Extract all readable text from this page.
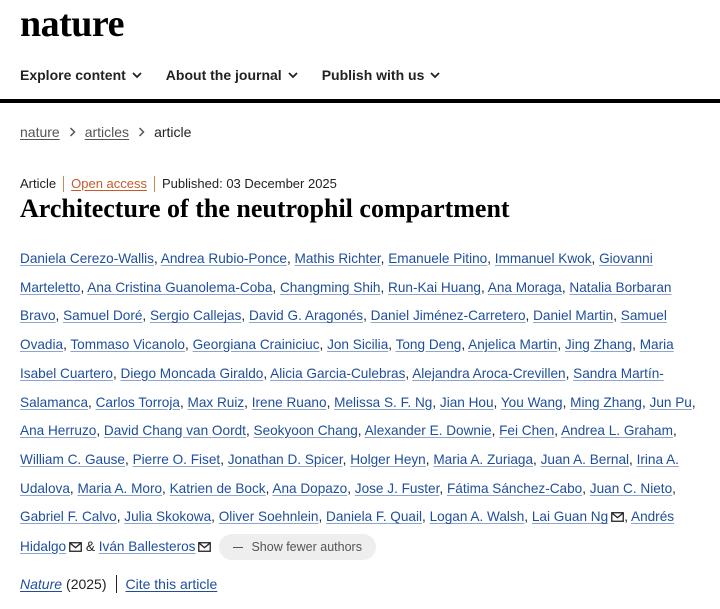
nature
Explore content	About the journal	Publish with us
nature articles article
Article Open access Published: 03 December 2025
Architecture of the neutrophil compartment
Daniela Cerezo-Wallis, Andrea Rubio-Ponce, Mathis Richter, Emanuele Pitino, Immanuel Kwok, Giovanni Marteletto, Ana Cristina Guanolema-Coba, Changming Shih, Run-Kai Huang, Ana Moraga, Natalia Borbaran Bravo, Samuel Doré, Sergio Callejas, David G. Aragonés, Daniel Jiménez-Carretero, Daniel Martin, Samuel Ovadia, Tommaso Vicanolo, Georgiana Crainiciuc, Jon Sicilia, Tong Deng, Anjelica Martin, Jing Zhang, Maria Isabel Cuartero, Diego Moncada Giraldo, Alicia Garcia-Culebras, Alejandra Aroca-Crevillen, Sandra Martín-Salamanca, Carlos Torroja, Max Ruiz, Irene Ruano, Melissa S. F. Ng, Jian Hou, You Wang, Ming Zhang, Jun Pu, Ana Herruzo, David Chang van Oordt, Seokyoon Chang, Alexander E. Downie, Fei Chen, Andrea L. Graham, William C. Gause, Pierre O. Fiset, Jonathan D. Spicer, Holger Heyn, Maria A. Zuriaga, Juan A. Bernal, Irina A. Udalova, Maria A. Moro, Katrien de Bock, Ana Dopazo, Jose J. Fuster, Fátima Sánchez-Cabo, Juan C. Nieto, Gabriel F. Calvo, Julia Skokowa, Oliver Soehnlein, Daniela F. Quail, Logan A. Walsh, Lai Guan Ng , Andrés Hidalgo & Iván Ballesteros	Show fewer authors
Nature (2025) Cite this article
